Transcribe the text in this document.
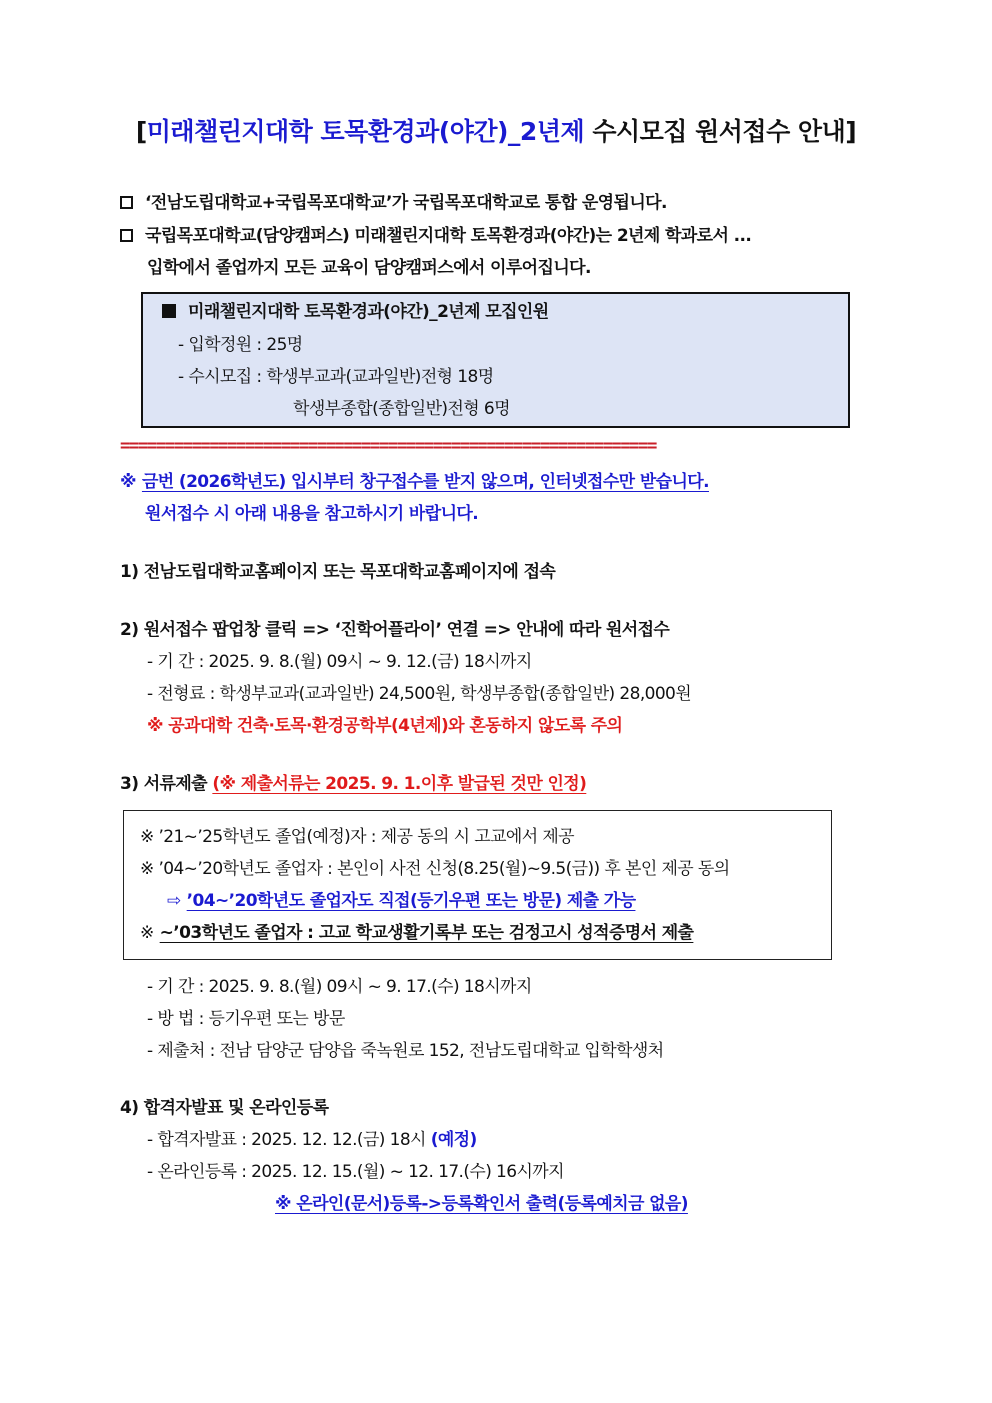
[미래챌린지대학 토목환경과(야간)_2년제 수시모집 원서접수 안내]
‘전남도립대학교+국립목포대학교’가 국립목포대학교로 통합 운영됩니다.
국립목포대학교(담양캠퍼스) 미래챌린지대학 토목환경과(야간)는 2년제 학과로서 ...
입학에서 졸업까지 모든 교육이 담양캠퍼스에서 이루어집니다.
미래챌린지대학 토목환경과(야간)_2년제 모집인원
- 입학정원 : 25명
- 수시모집 : 학생부교과(교과일반)전형 18명
학생부종합(종합일반)전형 6명
============================================================
※ 금번 (2026학년도) 입시부터 창구접수를 받지 않으며, 인터넷접수만 받습니다.
원서접수 시 아래 내용을 참고하시기 바랍니다.
1) 전남도립대학교홈페이지 또는 목포대학교홈페이지에 접속
2) 원서접수 팝업창 클릭 => ‘진학어플라이’ 연결 => 안내에 따라 원서접수
- 기 간 : 2025. 9. 8.(월) 09시 ~ 9. 12.(금) 18시까지
- 전형료 : 학생부교과(교과일반) 24,500원, 학생부종합(종합일반) 28,000원
※ 공과대학 건축·토목·환경공학부(4년제)와 혼동하지 않도록 주의
3) 서류제출 (※ 제출서류는 2025. 9. 1.이후 발급된 것만 인정)
※ ’21~’25학년도 졸업(예정)자 : 제공 동의 시 고교에서 제공
※ ’04~’20학년도 졸업자 : 본인이 사전 신청(8.25(월)~9.5(금)) 후 본인 제공 동의
⇨ ’04~’20학년도 졸업자도 직접(등기우편 또는 방문) 제출 가능
※ ~’03학년도 졸업자 : 고교 학교생활기록부 또는 검정고시 성적증명서 제출
- 기 간 : 2025. 9. 8.(월) 09시 ~ 9. 17.(수) 18시까지
- 방 법 : 등기우편 또는 방문
- 제출처 : 전남 담양군 담양읍 죽녹원로 152, 전남도립대학교 입학학생처
4) 합격자발표 및 온라인등록
- 합격자발표 : 2025. 12. 12.(금) 18시 (예정)
- 온라인등록 : 2025. 12. 15.(월) ~ 12. 17.(수) 16시까지
※ 온라인(문서)등록->등록확인서 출력(등록예치금 없음)
